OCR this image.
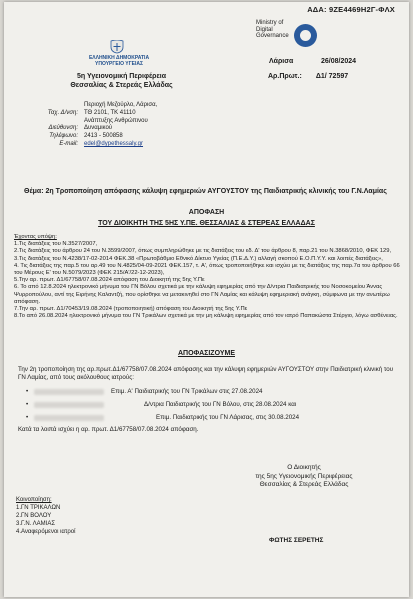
ΑΔΑ: 9ΖΕ4469Η2Γ-ΦΛΧ
Ministry of
Digital
Governance
ΕΛΛΗΝΙΚΗ ΔΗΜΟΚΡΑΤΙΑ
ΥΠΟΥΡΓΕΙΟ ΥΓΕΙΑΣ
5η Υγειονομική Περιφέρεια
Θεσσαλίας & Στερεάς Ελλάδας
Λάρισα	26/08/2024
Αρ.Πρωτ.: Δ1/ 72597
Περιοχή Μεζούρλο, Λάρισα,
Ταχ. Δ/νση:	ΤΘ 2101, ΤΚ 41110
Ανάπτυξης Ανθρώπινου
Διεύθυνση:	Δυναμικού
Τηλέφωνο:	2413 - 500858
E-mail:	edel@dypethessaly.gr
Θέμα: 2η Τροποποίηση απόφασης κάλυψη εφημεριών ΑΥΓΟΥΣΤΟΥ της Παιδιατρικής κλινικής του Γ.Ν.Λαμίας
ΑΠΟΦΑΣΗ
ΤΟΥ ΔΙΟΙΚΗΤΗ ΤΗΣ 5ΗΣ Υ.ΠΕ. ΘΕΣΣΑΛΙΑΣ & ΣΤΕΡΕΑΣ ΕΛΛΑΔΑΣ

Έχοντας υπόψη:

1.Τις διατάξεις του Ν.3527/2007,

2.Τις διατάξεις του άρθρου 24 του Ν.3599/2007, όπως συμπληρώθηκε με τις διατάξεις του εδ. Δ' του άρθρου 8, παρ.21 του Ν.3868/2010, ΦΕΚ 129,

3.Τις διατάξεις του Ν.4238/17-02-2014 ΦΕΚ.38 «Πρωτοβάθμιο Εθνικό Δίκτυο Υγείας (Π.Ε.Δ.Υ.) αλλαγή σκοπού Ε.Ο.Π.Υ.Υ. και λοιπές διατάξεις»,

4. Τις διατάξεις της παρ.5 του αρ.49 του Ν.4825/04-09-2021 ΦΕΚ.157, τ. Α', όπως τροποποιήθηκε και ισχύει με τις διατάξεις της παρ.7α του άρθρου 66 του Μέρους Ε' του Ν.5079/2023 (ΦΕΚ 215/Α'/22-12-2023),

5.Την αρ. πρωτ. Δ1/67758/07.08.2024 απόφαση του Διοικητή της 5ης Υ.Πε

6. Το από 12.8.2024 ηλεκτρονικό μήνυμα του ΓΝ Βόλου σχετικά με την κάλυψη εφημερίας από την Δ/ντρια Παιδιατρικής του Νοσοκομείου Άννας Ψυρροπούλου, αντί της Ειρήνης Καλαντζή, που ορίσθηκε να μετακινηθεί στο ΓΝ Λαμίας και κάλυψη εφημεριακή ανάγκη, σύμφωνα με την ανωτέρω απόφαση.

7.Την αρ. πρωτ. Δ1/70453/19.08.2024 (τροποποιητική) απόφαση του Διοικητή της 5ης Υ.Πε

8.Το από 26.08.2024 ηλεκτρονικό μήνυμα του ΓΝ Τρικάλων σχετικά με την μη κάλυψη εφημερίας από τον ιατρό Παπακώστα Στέργιο, λόγω ασθένειας.

ΑΠΟΦΑΣΙΖΟΥΜΕ
Την 2η τροποποίηση της αρ.πρωτ.Δ1/67758/07.08.2024 απόφασης και την κάλυψη εφημεριών ΑΥΓΟΥΣΤΟΥ στην Παιδιατρική κλινική του ΓΝ Λαμίας, από τους ακόλουθους ιατρούς:
•	Επιμ. Α' Παιδιατρικής του ΓΝ Τρικάλων στις 27.08.2024
•	Δ/ντρια Παιδιατρικής του ΓΝ Βόλου, στις 28.08.2024 και
•	Επιμ. Παιδιατρικής του ΓΝ Λάρισας, στις 30.08.2024
Κατά τα λοιπά ισχύει η αρ. πρωτ. Δ1/67758/07.08.2024 απόφαση.
Ο Διοικητής
της 5ης Υγειονομικής Περιφέρειας
Θεσσαλίας & Στερεάς Ελλάδας
Κοινοποίηση:
1.ΓΝ ΤΡΙΚΑΛΩΝ
2.ΓΝ ΒΟΛΟΥ
3.Γ.Ν. ΛΑΜΙΑΣ
4.Αναφερόμενοι ιατροί
ΦΩΤΗΣ ΣΕΡΕΤΗΣ
